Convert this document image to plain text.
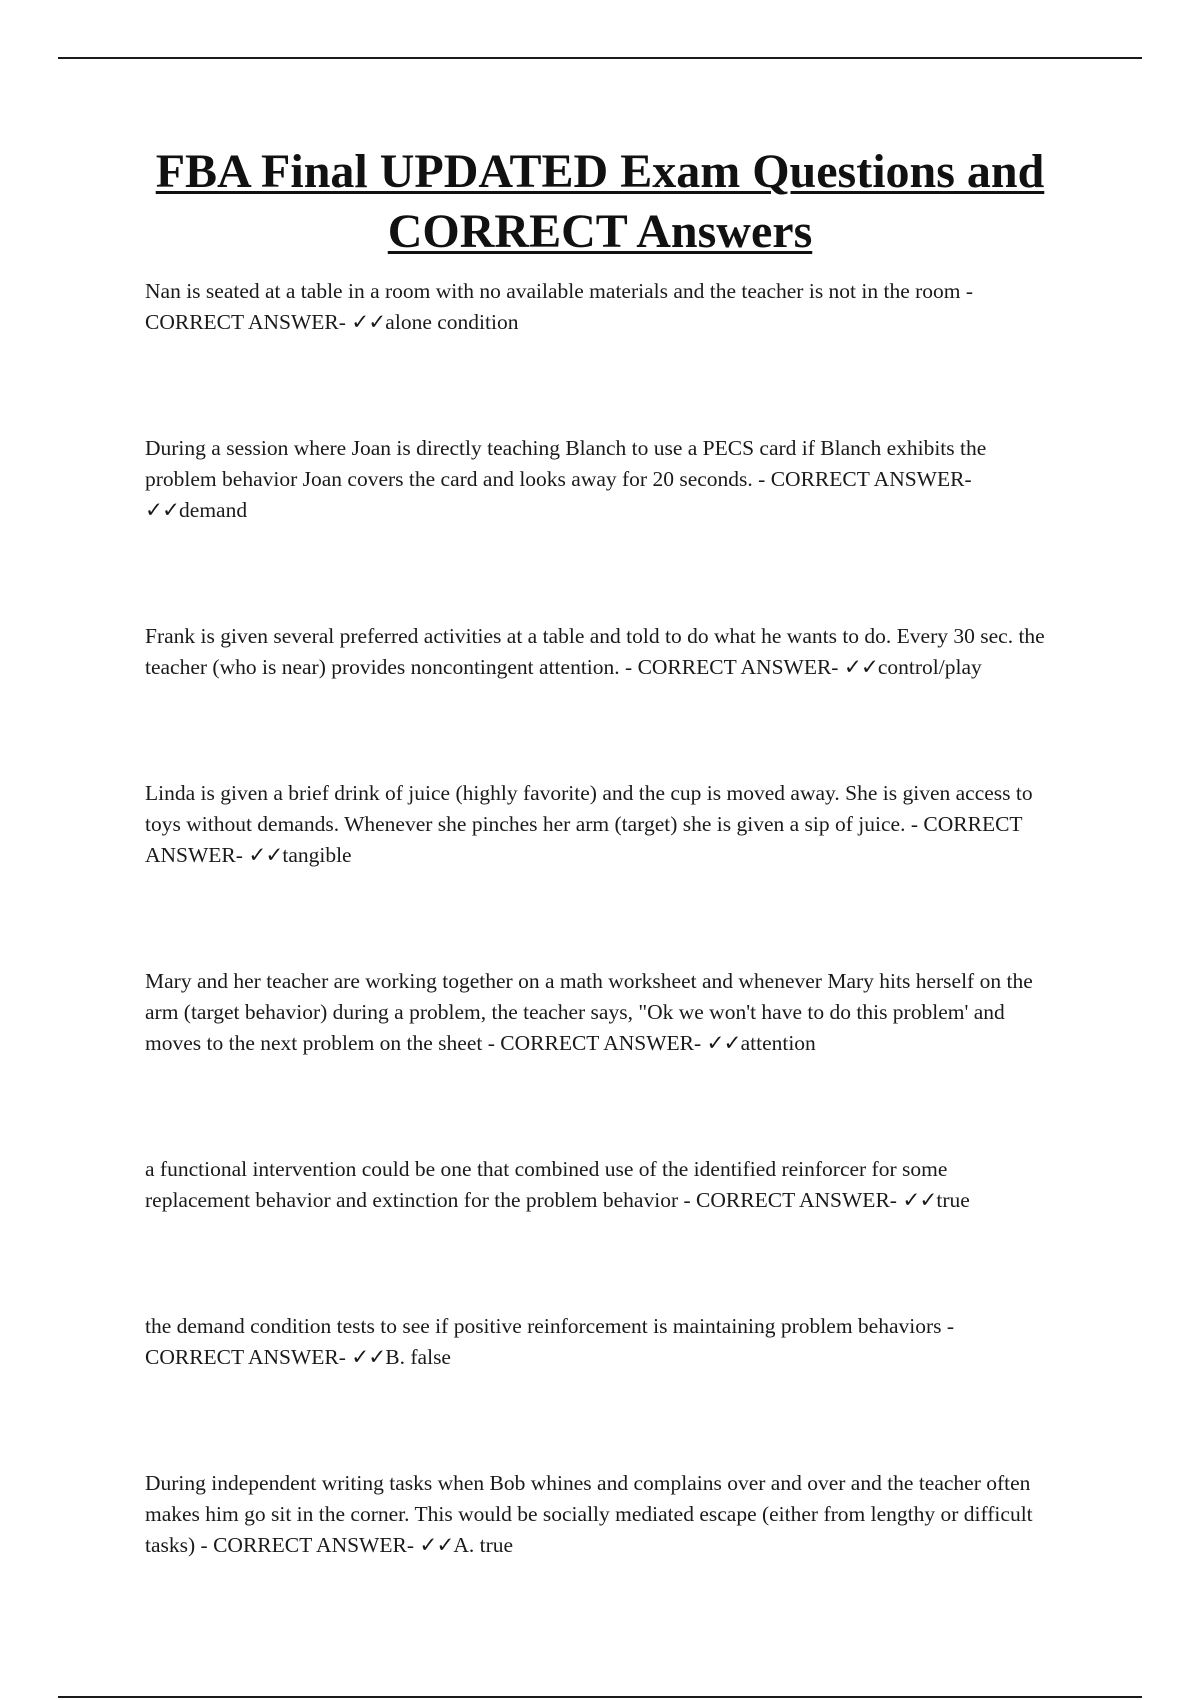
FBA Final UPDATED Exam Questions and CORRECT Answers

Nan is seated at a table in a room with no available materials and the teacher is not in the room- CORRECT ANSWER- ✓✓alone condition

During a session where Joan is directly teaching Blanch to use a PECS card if Blanch exhibits the problem behavior Joan covers the card and looks away for 20 seconds. - CORRECT ANSWER- ✓✓demand

Frank is given several preferred activities at a table and told to do what he wants to do. Every 30 sec. the teacher (who is near) provides noncontingent attention. - CORRECT ANSWER- ✓✓control/play

Linda is given a brief drink of juice (highly favorite) and the cup is moved away. She is given access to toys without demands. Whenever she pinches her arm (target) she is given a sip of juice. - CORRECT ANSWER- ✓✓tangible

Mary and her teacher are working together on a math worksheet and whenever Mary hits herself on the arm (target behavior) during a problem, the teacher says, "Ok we won't have to do this problem' and moves to the next problem on the sheet - CORRECT ANSWER- ✓✓attention

a functional intervention could be one that combined use of the identified reinforcer for some replacement behavior and extinction for the problem behavior - CORRECT ANSWER- ✓✓true

the demand condition tests to see if positive reinforcement is maintaining problem behaviors- CORRECT ANSWER- ✓✓B. false

During independent writing tasks when Bob whines and complains over and over and the teacher often makes him go sit in the corner. This would be socially mediated escape (either from lengthy or difficult tasks) - CORRECT ANSWER- ✓✓A. true
